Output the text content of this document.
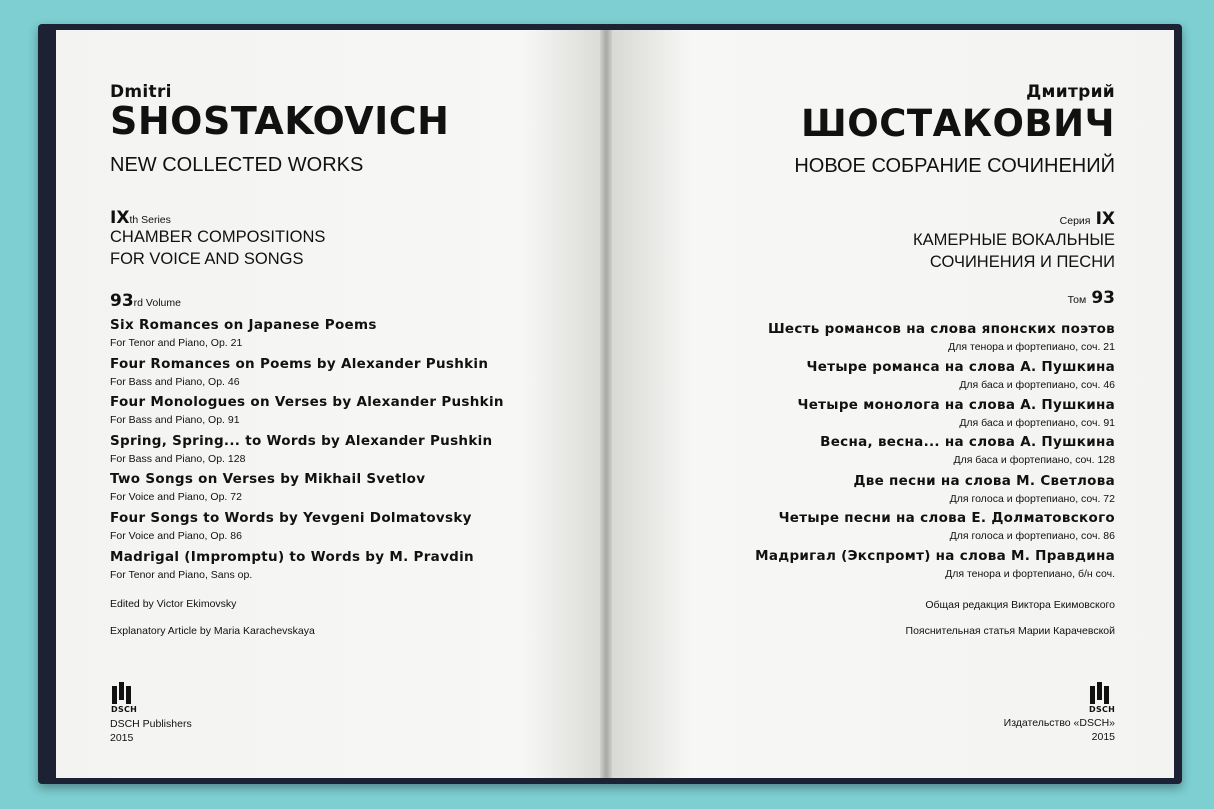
Dmitri
SHOSTAKOVICH
NEW COLLECTED WORKS
IXth Series
CHAMBER COMPOSITIONS
FOR VOICE AND SONGS
93rd Volume
Six Romances on Japanese Poems
For Tenor and Piano, Op. 21
Four Romances on Poems by Alexander Pushkin
For Bass and Piano, Op. 46
Four Monologues on Verses by Alexander Pushkin
For Bass and Piano, Op. 91
Spring, Spring... to Words by Alexander Pushkin
For Bass and Piano, Op. 128
Two Songs on Verses by Mikhail Svetlov
For Voice and Piano, Op. 72
Four Songs to Words by Yevgeni Dolmatovsky
For Voice and Piano, Op. 86
Madrigal (Impromptu) to Words by M. Pravdin
For Tenor and Piano, Sans op.
Edited by Victor Ekimovsky
Explanatory Article by Maria Karachevskaya
DSCH
DSCH Publishers
2015
Дмитрий
ШОСТАКОВИЧ
НОВОЕ СОБРАНИЕ СОЧИНЕНИЙ
Серия IX
КАМЕРНЫЕ ВОКАЛЬНЫЕ
СОЧИНЕНИЯ И ПЕСНИ
Том 93
Шесть романсов на слова японских поэтов
Для тенора и фортепиано, соч. 21
Четыре романса на слова А. Пушкина
Для баса и фортепиано, соч. 46
Четыре монолога на слова А. Пушкина
Для баса и фортепиано, соч. 91
Весна, весна... на слова А. Пушкина
Для баса и фортепиано, соч. 128
Две песни на слова М. Светлова
Для голоса и фортепиано, соч. 72
Четыре песни на слова Е. Долматовского
Для голоса и фортепиано, соч. 86
Мадригал (Экспромт) на слова М. Правдина
Для тенора и фортепиано, б/н соч.
Общая редакция Виктора Екимовского
Пояснительная статья Марии Карачевской
DSCH
Издательство «DSCH»
2015
